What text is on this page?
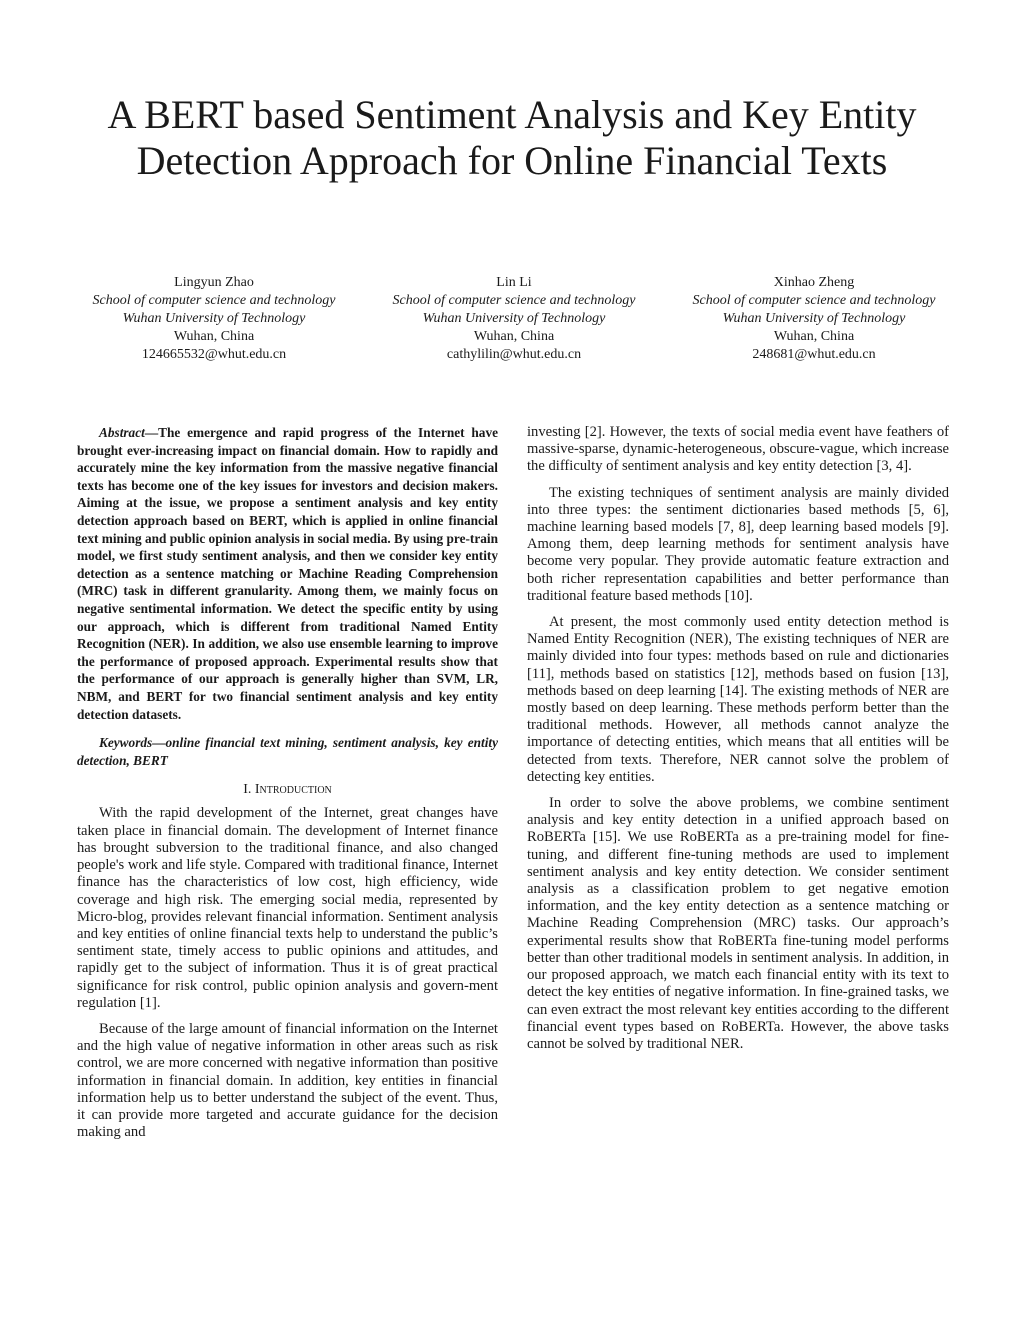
A BERT based Sentiment Analysis and Key Entity
Detection Approach for Online Financial Texts
Lingyun Zhao
School of computer science and technology
Wuhan University of Technology
Wuhan, China
124665532@whut.edu.cn
Lin Li
School of computer science and technology
Wuhan University of Technology
Wuhan, China
cathylilin@whut.edu.cn
Xinhao Zheng
School of computer science and technology
Wuhan University of Technology
Wuhan, China
248681@whut.edu.cn

Abstract—The emergence and rapid progress of the Internet have brought ever-increasing impact on financial domain. How to rapidly and accurately mine the key information from the massive negative financial texts has become one of the key issues for investors and decision makers. Aiming at the issue, we propose a sentiment analysis and key entity detection approach based on BERT, which is applied in online financial text mining and public opinion analysis in social media. By using pre-train model, we first study sentiment analysis, and then we consider key entity detection as a sentence matching or Machine Reading Comprehension (MRC) task in different granularity. Among them, we mainly focus on negative sentimental information. We detect the specific entity by using our approach, which is different from traditional Named Entity Recognition (NER). In addition, we also use ensemble learning to improve the performance of proposed approach. Experimental results show that the performance of our approach is generally higher than SVM, LR, NBM, and BERT for two financial sentiment analysis and key entity detection datasets.

Keywords—online financial text mining, sentiment analysis, key entity detection, BERT

I. Introduction

With the rapid development of the Internet, great changes have taken place in financial domain. The development of Internet finance has brought subversion to the traditional finance, and also changed people's work and life style. Compared with traditional finance, Internet finance has the characteristics of low cost, high efficiency, wide coverage and high risk. The emerging social media, represented by Micro-blog, provides relevant financial information. Sentiment analysis and key entities of online financial texts help to understand the public’s sentiment state, timely access to public opinions and attitudes, and rapidly get to the subject of information. Thus it is of great practical significance for risk control, public opinion analysis and govern-ment regulation [1].

Because of the large amount of financial information on the Internet and the high value of negative information in other areas such as risk control, we are more concerned with negative information than positive information in financial domain. In addition, key entities in financial information help us to better understand the subject of the event. Thus, it can provide more targeted and accurate guidance for the decision making and

investing [2]. However, the texts of social media event have feathers of massive-sparse, dynamic-heterogeneous, obscure-vague, which increase the difficulty of sentiment analysis and key entity detection [3, 4].

The existing techniques of sentiment analysis are mainly divided into three types: the sentiment dictionaries based methods [5, 6], machine learning based models [7, 8], deep learning based models [9]. Among them, deep learning methods for sentiment analysis have become very popular. They provide automatic feature extraction and both richer representation capabilities and better performance than traditional feature based methods [10].

At present, the most commonly used entity detection method is Named Entity Recognition (NER), The existing techniques of NER are mainly divided into four types: methods based on rule and dictionaries [11], methods based on statistics [12], methods based on fusion [13], methods based on deep learning [14]. The existing methods of NER are mostly based on deep learning. These methods perform better than the traditional methods. However, all methods cannot analyze the importance of detecting entities, which means that all entities will be detected from texts. Therefore, NER cannot solve the problem of detecting key entities.

In order to solve the above problems, we combine sentiment analysis and key entity detection in a unified approach based on RoBERTa [15]. We use RoBERTa as a pre-training model for fine-tuning, and different fine-tuning methods are used to implement sentiment analysis and key entity detection. We consider sentiment analysis as a classification problem to get negative emotion information, and the key entity detection as a sentence matching or Machine Reading Comprehension (MRC) tasks. Our approach’s experimental results show that RoBERTa fine-tuning model performs better than other traditional models in sentiment analysis. In addition, in our proposed approach, we match each financial entity with its text to detect the key entities of negative information. In fine-grained tasks, we can even extract the most relevant key entities according to the different financial event types based on RoBERTa. However, the above tasks cannot be solved by traditional NER.
